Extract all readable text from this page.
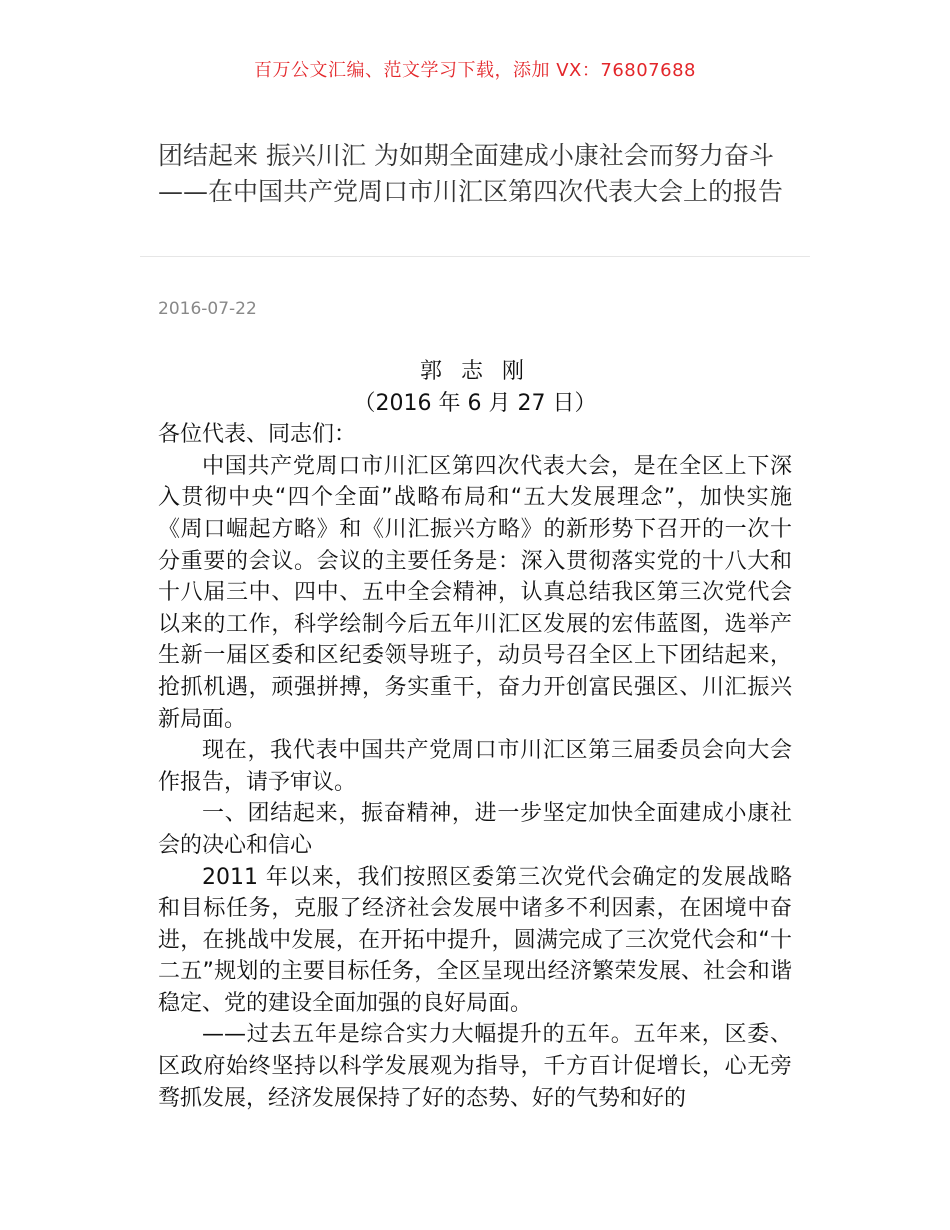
百万公文汇编、范文学习下载，添加 VX：76807688
团结起来 振兴川汇 为如期全面建成小康社会而努力奋斗 ——在中国共产党周口市川汇区第四次代表大会上的报告
2016-07-22

郭 志 刚

（2016 年 6 月 27 日）

各位代表、同志们：

中国共产党周口市川汇区第四次代表大会，是在全区上下深入贯彻中央“四个全面”战略布局和“五大发展理念”，加快实施《周口崛起方略》和《川汇振兴方略》的新形势下召开的一次十分重要的会议。会议的主要任务是：深入贯彻落实党的十八大和十八届三中、四中、五中全会精神，认真总结我区第三次党代会以来的工作，科学绘制今后五年川汇区发展的宏伟蓝图，选举产生新一届区委和区纪委领导班子，动员号召全区上下团结起来，抢抓机遇，顽强拼搏，务实重干，奋力开创富民强区、川汇振兴新局面。

现在，我代表中国共产党周口市川汇区第三届委员会向大会作报告，请予审议。

一、团结起来，振奋精神，进一步坚定加快全面建成小康社会的决心和信心

2011 年以来，我们按照区委第三次党代会确定的发展战略和目标任务，克服了经济社会发展中诸多不利因素，在困境中奋进，在挑战中发展，在开拓中提升，圆满完成了三次党代会和“十二五”规划的主要目标任务，全区呈现出经济繁荣发展、社会和谐稳定、党的建设全面加强的良好局面。

——过去五年是综合实力大幅提升的五年。五年来，区委、区政府始终坚持以科学发展观为指导，千方百计促增长，心无旁骛抓发展，经济发展保持了好的态势、好的气势和好的
